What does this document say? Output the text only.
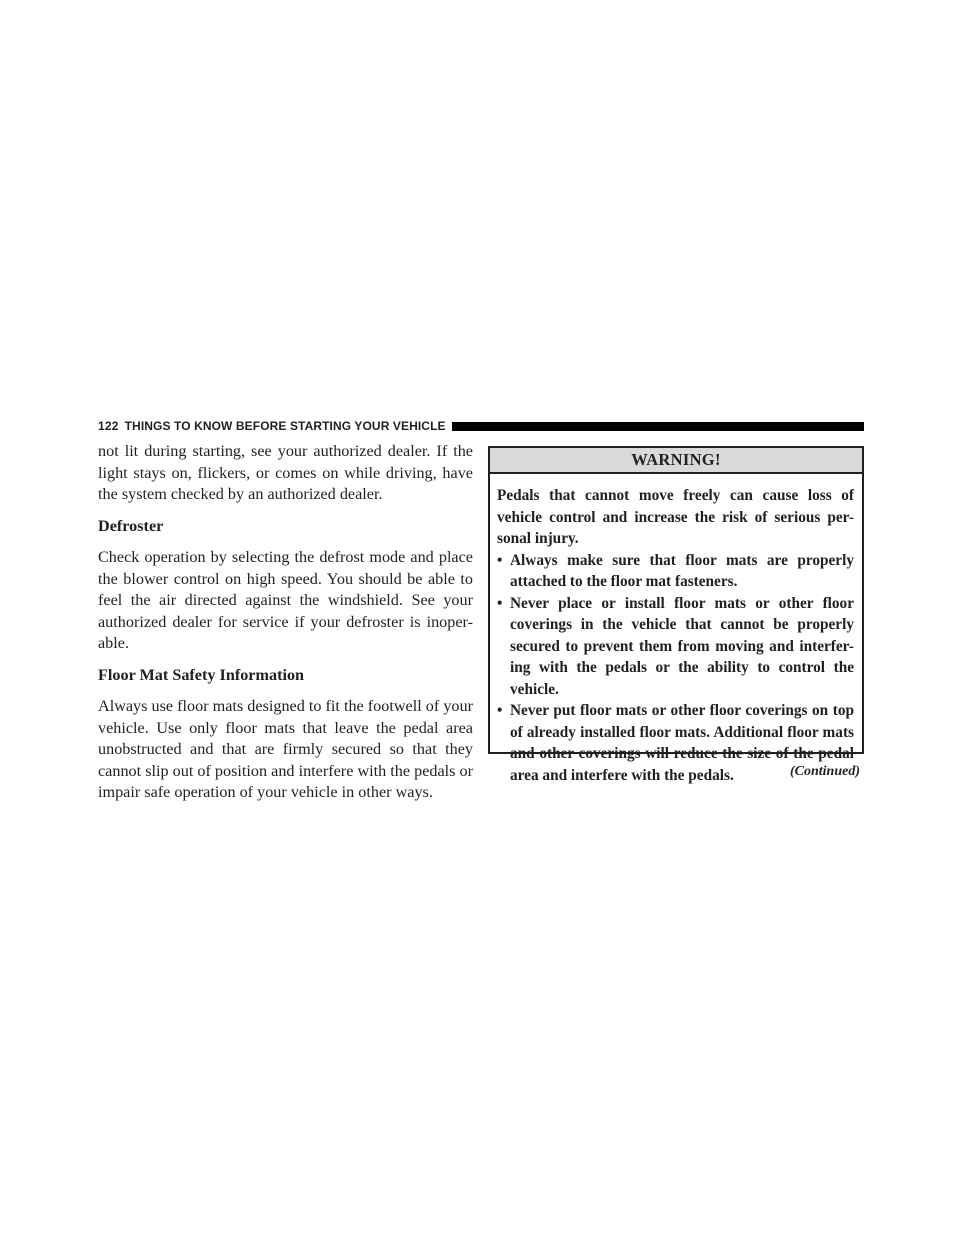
122 THINGS TO KNOW BEFORE STARTING YOUR VEHICLE

not lit during starting, see your authorized dealer. If the light stays on, flickers, or comes on while driving, have the system checked by an authorized dealer.

Defroster

Check operation by selecting the defrost mode and place the blower control on high speed. You should be able to feel the air directed against the windshield. See your authorized dealer for service if your defroster is inoper-able.

Floor Mat Safety Information

Always use floor mats designed to fit the footwell of your vehicle. Use only floor mats that leave the pedal area unobstructed and that are firmly secured so that they cannot slip out of position and interfere with the pedals or impair safe operation of your vehicle in other ways.

WARNING!

Pedals that cannot move freely can cause loss of vehicle control and increase the risk of serious per-sonal injury.

• Always make sure that floor mats are properly attached to the floor mat fasteners.
• Never place or install floor mats or other floor coverings in the vehicle that cannot be properly secured to prevent them from moving and interfer-ing with the pedals or the ability to control the vehicle.
• Never put floor mats or other floor coverings on top of already installed floor mats. Additional floor mats and other coverings will reduce the size of the pedal area and interfere with the pedals.	(Continued)
